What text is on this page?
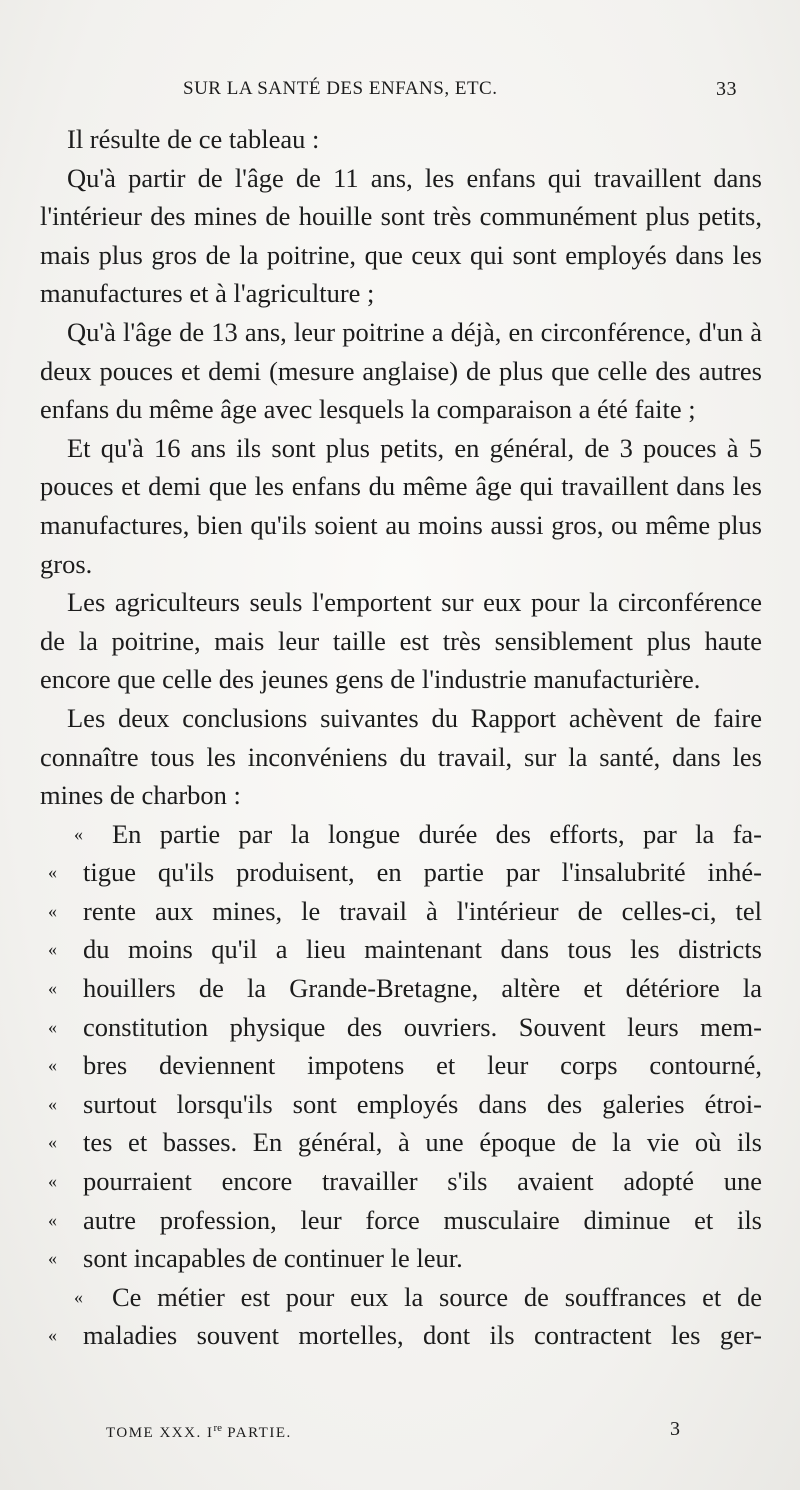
SUR LA SANTÉ DES ENFANS, ETC.	33

Il résulte de ce tableau :

Qu'à partir de l'âge de 11 ans, les enfans qui travaillent dans l'intérieur des mines de houille sont très communément plus petits, mais plus gros de la poitrine, que ceux qui sont employés dans les manufactures et à l'agriculture ;

Qu'à l'âge de 13 ans, leur poitrine a déjà, en circonférence, d'un à deux pouces et demi (mesure anglaise) de plus que celle des autres enfans du même âge avec lesquels la comparaison a été faite ;

Et qu'à 16 ans ils sont plus petits, en général, de 3 pouces à 5 pouces et demi que les enfans du même âge qui travaillent dans les manufactures, bien qu'ils soient au moins aussi gros, ou même plus gros.

Les agriculteurs seuls l'emportent sur eux pour la circonférence de la poitrine, mais leur taille est très sensiblement plus haute encore que celle des jeunes gens de l'industrie manufacturière.

Les deux conclusions suivantes du Rapport achèvent de faire connaître tous les inconvéniens du travail, sur la santé, dans les mines de charbon :

« En partie par la longue durée des efforts, par la fa-
« tigue qu'ils produisent, en partie par l'insalubrité inhé-
« rente aux mines, le travail à l'intérieur de celles-ci, tel
« du moins qu'il a lieu maintenant dans tous les districts
« houillers de la Grande-Bretagne, altère et détériore la
« constitution physique des ouvriers. Souvent leurs mem-
« bres deviennent impotens et leur corps contourné,
« surtout lorsqu'ils sont employés dans des galeries étroi-
« tes et basses. En général, à une époque de la vie où ils
« pourraient encore travailler s'ils avaient adopté une
« autre profession, leur force musculaire diminue et ils
« sont incapables de continuer le leur.
« Ce métier est pour eux la source de souffrances et de
« maladies souvent mortelles, dont ils contractent les ger-
TOME XXX. Ire PARTIE.	3
